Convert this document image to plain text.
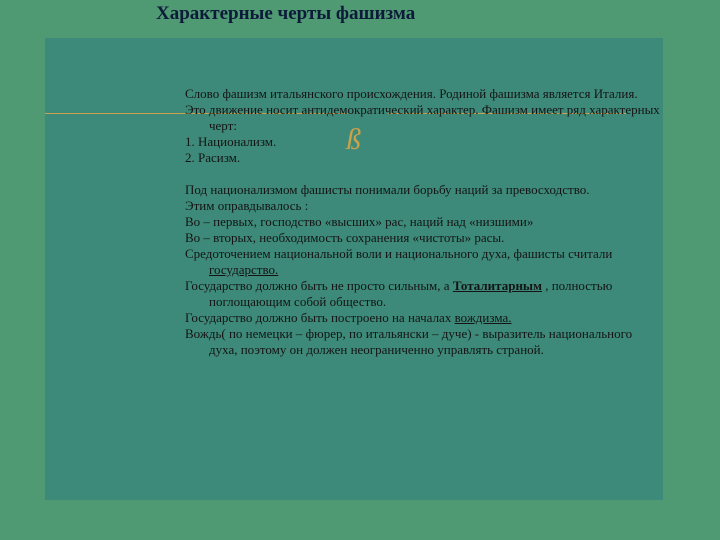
Характерные черты фашизма
ß

Слово фашизм итальянского происхождения. Родиной фашизма является Италия.

Это движение носит антидемократический характер. Фашизм имеет ряд характерных черт:

1. Национализм.

2. Расизм.

Под национализмом фашисты понимали борьбу наций за превосходство.

Этим оправдывалось :

Во – первых, господство «высших» рас, наций над «низшими»

Во – вторых, необходимость сохранения «чистоты» расы.

Средоточением национальной воли и национального духа, фашисты считали государство.

Государство должно быть не просто сильным, а Тоталитарным , полностью поглощающим собой общество.

Государство должно быть построено на началах вождизма.

Вождь( по немецки – фюрер, по итальянски – дуче) - выразитель национального духа, поэтому он должен неограниченно управлять страной.
